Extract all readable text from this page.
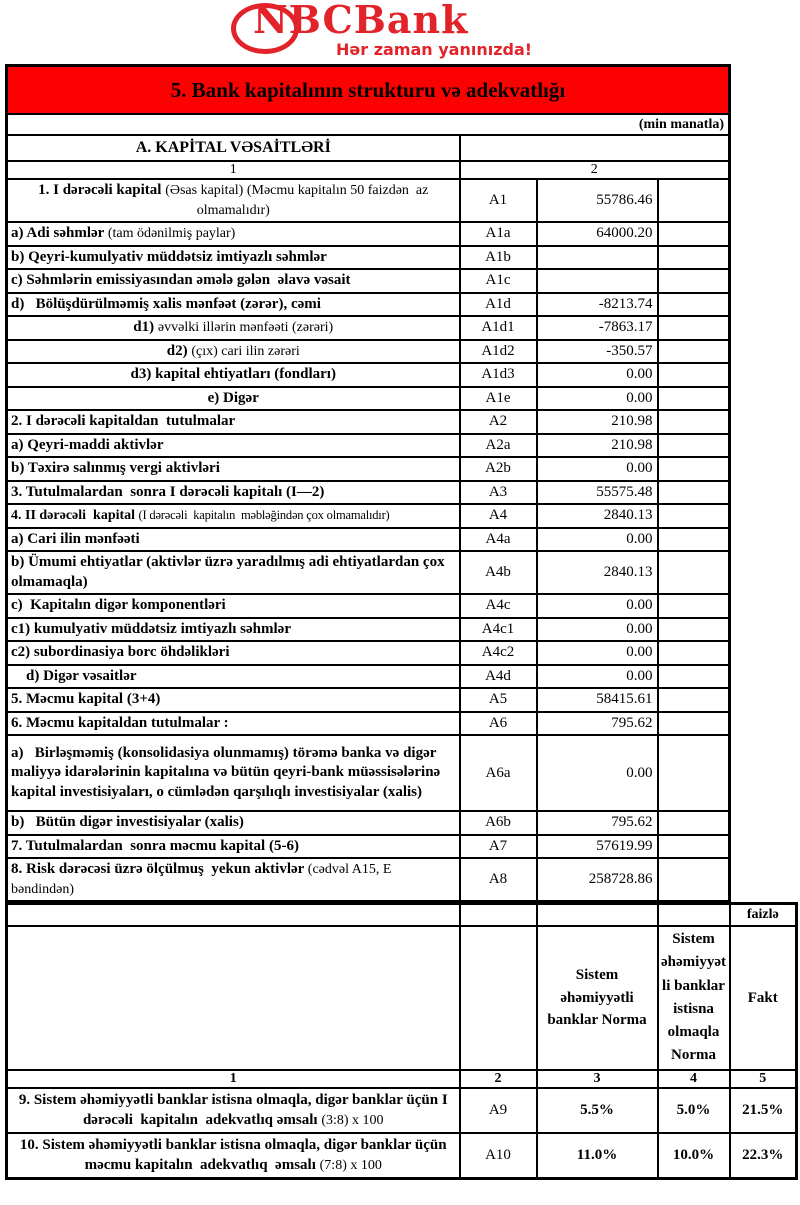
NBCBank
Hər zaman yanınızda!
5. Bank kapitalının strukturu və adekvatlığı			
(min manatla)			
A. KAPİTAL VƏSAİTLƏRİ			
1	2		
1. I dərəcəli kapital (Əsas kapital) (Məcmu kapitalın 50 faizdən  az olmamalıdır)	A1	55786.46	
a) Adi səhmlər (tam ödənilmiş paylar)	A1a	64000.20	
b) Qeyri-kumulyativ müddətsiz imtiyazlı səhmlər	A1b		
c) Səhmlərin emissiyasından əmələ gələn  əlavə vəsait	A1c		
d)   Bölüşdürülməmiş xalis mənfəət (zərər), cəmi	A1d	-8213.74	
d1) əvvəlki illərin mənfəəti (zərəri)	A1d1	-7863.17	
d2) (çıx) cari ilin zərəri	A1d2	-350.57	
d3) kapital ehtiyatları (fondları)	A1d3	0.00	
e) Digər	A1e	0.00	
2. I dərəcəli kapitaldan  tutulmalar	A2	210.98	
a) Qeyri-maddi aktivlər	A2a	210.98	
b) Təxirə salınmış vergi aktivləri	A2b	0.00	
3. Tutulmalardan  sonra I dərəcəli kapitalı (I—2)	A3	55575.48	
4. II dərəcəli  kapital (I dərəcəli  kapitalın  məbləğindən çox olmamalıdır)	A4	2840.13	
a) Cari ilin mənfəəti	A4a	0.00	
b) Ümumi ehtiyatlar (aktivlər üzrə yaradılmış adi ehtiyatlardan çox olmamaqla)	A4b	2840.13	
c)  Kapitalın digər komponentləri	A4c	0.00	
c1) kumulyativ müddətsiz imtiyazlı səhmlər	A4c1	0.00	
c2) subordinasiya borc öhdəlikləri	A4c2	0.00	
d) Digər vəsaitlər	A4d	0.00	
5. Məcmu kapital (3+4)	A5	58415.61	
6. Məcmu kapitaldan tutulmalar :	A6	795.62	
a)   Birləşməmiş (konsolidasiya olunmamış) törəmə banka və digər maliyyə idarələrinin kapitalına və bütün qeyri-bank müəssisələrinə kapital investisiyaları, o cümlədən qarşılıqlı investisiyalar (xalis)	A6a	0.00	
b)   Bütün digər investisiyalar (xalis)	A6b	795.62	
7. Tutulmalardan  sonra məcmu kapital (5-6)	A7	57619.99	
8. Risk dərəcəsi üzrə ölçülmuş  yekun aktivlər (cədvəl A15, E bəndindən)	A8	258728.86	
				faizlə
		Sistem əhəmiyyətli banklar Norma	Sistem əhəmiyyətli banklar istisna olmaqla Norma	Fakt
1	2	3	4	5
9. Sistem əhəmiyyətli banklar istisna olmaqla, digər banklar üçün I dərəcəli  kapitalın  adekvatlıq əmsalı (3:8) x 100	A9	5.5%	5.0%	21.5%
10. Sistem əhəmiyyətli banklar istisna olmaqla, digər banklar üçün məcmu kapitalın  adekvatlıq  əmsalı (7:8) x 100	A10	11.0%	10.0%	22.3%
